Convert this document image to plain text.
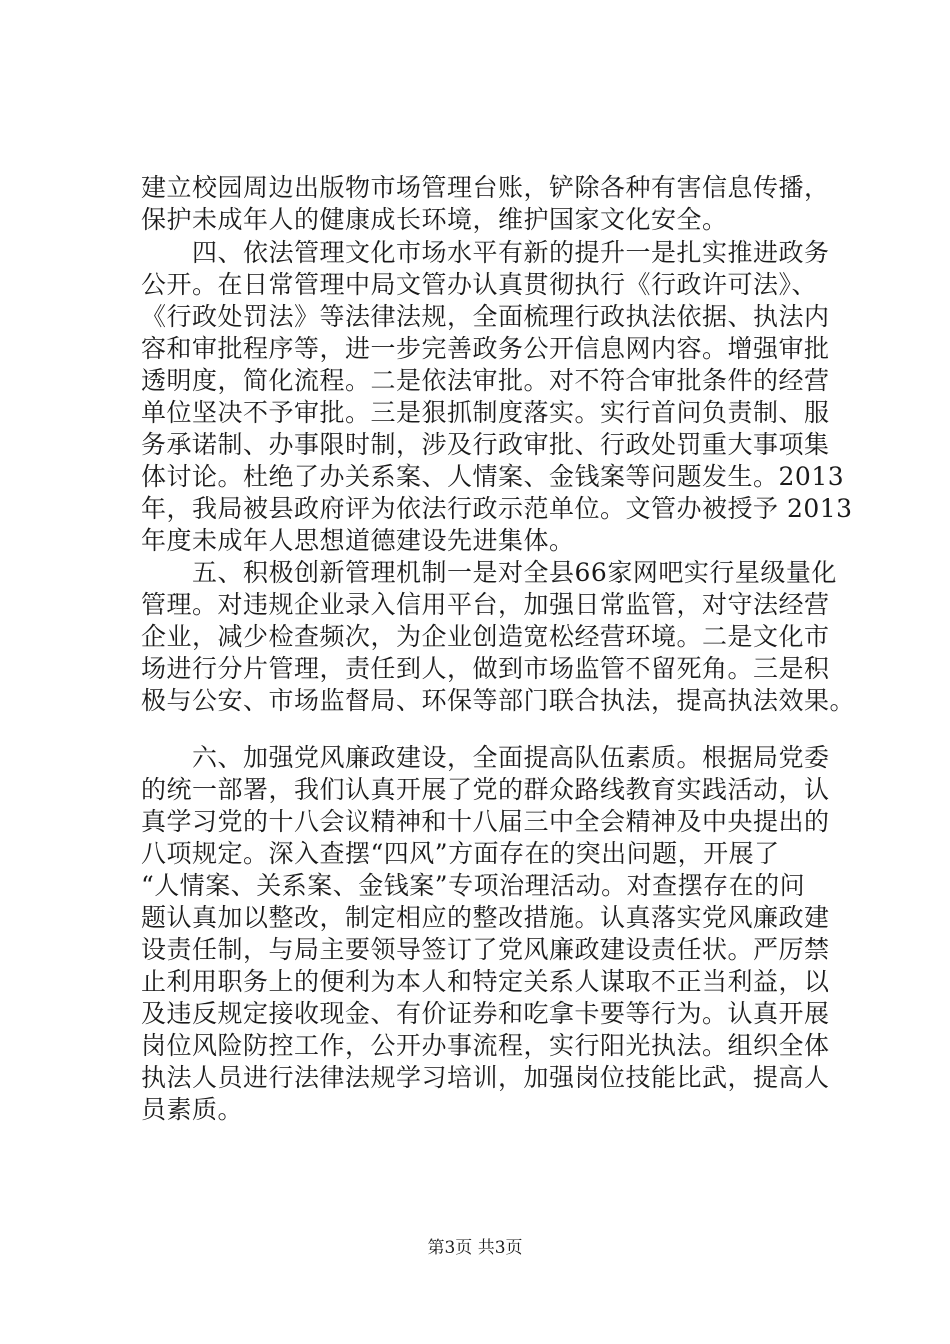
建立校园周边出版物市场管理台账，铲除各种有害信息传播，
保护未成年人的健康成长环境，维护国家文化安全。
　　四、依法管理文化市场水平有新的提升一是扎实推进政务
公开。在日常管理中局文管办认真贯彻执行《行政许可法》、
《行政处罚法》等法律法规，全面梳理行政执法依据、执法内
容和审批程序等，进一步完善政务公开信息网内容。增强审批
透明度，简化流程。二是依法审批。对不符合审批条件的经营
单位坚决不予审批。三是狠抓制度落实。实行首问负责制、服
务承诺制、办事限时制，涉及行政审批、行政处罚重大事项集
体讨论。杜绝了办关系案、人情案、金钱案等问题发生。2013
年，我局被县政府评为依法行政示范单位。文管办被授予 2013
年度未成年人思想道德建设先进集体。
　　五、积极创新管理机制一是对全县66家网吧实行星级量化
管理。对违规企业录入信用平台，加强日常监管，对守法经营
企业，减少检查频次，为企业创造宽松经营环境。二是文化市
场进行分片管理，责任到人，做到市场监管不留死角。三是积
极与公安、市场监督局、环保等部门联合执法，提高执法效果。
　　六、加强党风廉政建设，全面提高队伍素质。根据局党委
的统一部署，我们认真开展了党的群众路线教育实践活动，认
真学习党的十八会议精神和十八届三中全会精神及中央提出的
八项规定。深入查摆“四风”方面存在的突出问题，开展了
“人情案、关系案、金钱案”专项治理活动。对查摆存在的问
题认真加以整改，制定相应的整改措施。认真落实党风廉政建
设责任制，与局主要领导签订了党风廉政建设责任状。严厉禁
止利用职务上的便利为本人和特定关系人谋取不正当利益，以
及违反规定接收现金、有价证券和吃拿卡要等行为。认真开展
岗位风险防控工作，公开办事流程，实行阳光执法。组织全体
执法人员进行法律法规学习培训，加强岗位技能比武，提高人
员素质。
第3页 共3页
